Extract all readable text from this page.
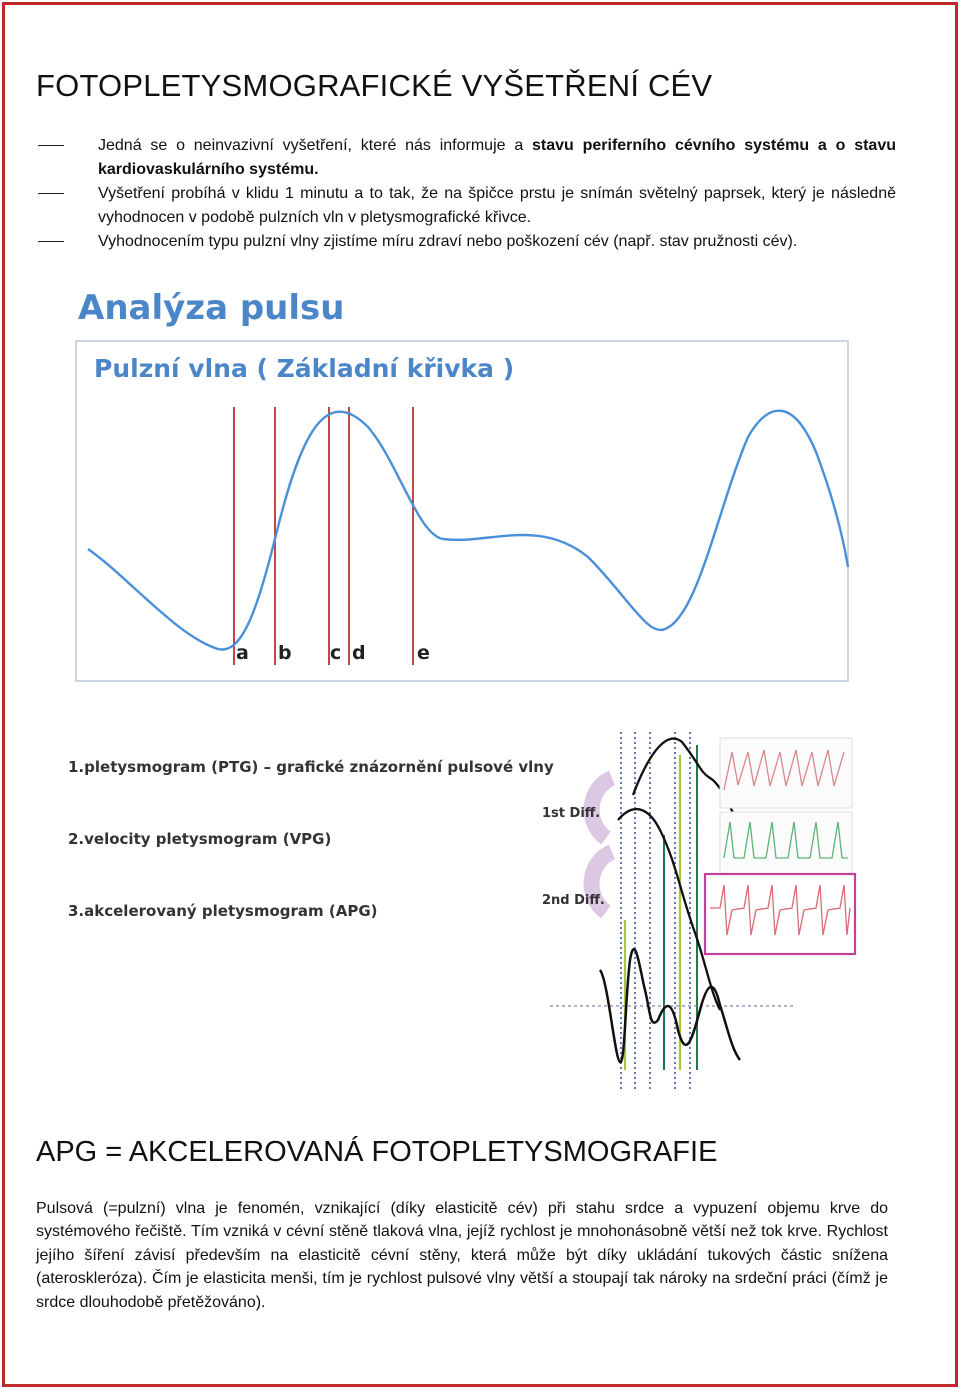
FOTOPLETYSMOGRAFICKÉ VYŠETŘENÍ CÉV
Jedná se o neinvazivní vyšetření, které nás informuje a stavu periferního cévního systému a o stavu kardiovaskulárního systému.
Vyšetření probíhá v klidu 1 minutu a to tak, že na špičce prstu je snímán světelný paprsek, který je následně vyhodnocen v podobě pulzních vln v pletysmografické křivce.
Vyhodnocením typu pulzní vlny zjistíme míru zdraví nebo poškození cév (např. stav pružnosti cév).
Analýza pulsu
Pulzní vlna ( Základní křivka )
a b c d	e
1.pletysmogram (PTG) – grafické znázornění pulsové vlny
2.velocity pletysmogram (VPG)
3.akcelerovaný pletysmogram (APG)
1st Diff.
2nd Diff.
APG = AKCELEROVANÁ FOTOPLETYSMOGRAFIE

Pulsová (=pulzní) vlna je fenomén, vznikající (díky elasticitě cév) při stahu srdce a vypuzení objemu krve do systémového řečiště. Tím vzniká v cévní stěně tlaková vlna, jejíž rychlost je mnohonásobně větší než tok krve. Rychlost jejího šíření závisí především na elasticitě cévní stěny, která může být díky ukládání tukových částic snížena (ateroskleróza). Čím je elasticita menši, tím je rychlost pulsové vlny větší a stoupají tak nároky na srdeční práci (čímž je srdce dlouhodobě přetěžováno).
